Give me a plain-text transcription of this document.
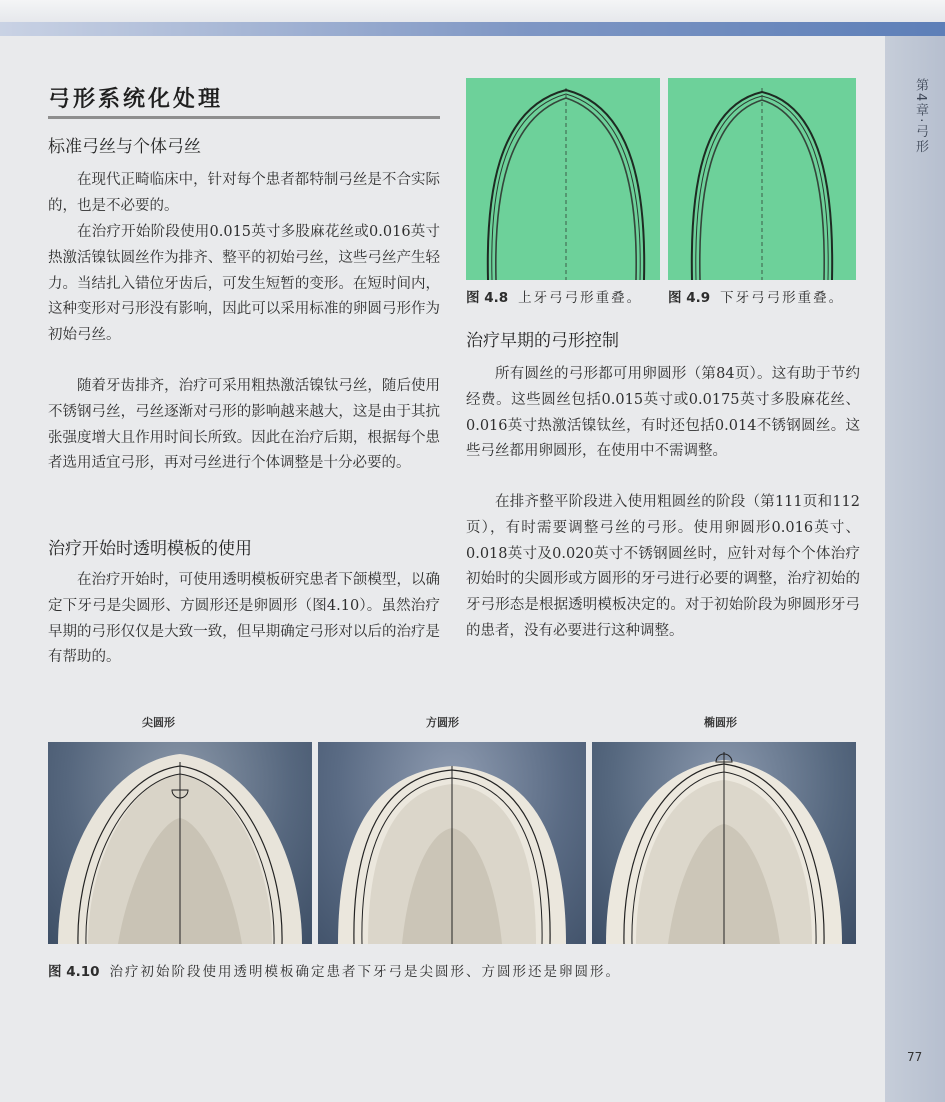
第4章·弓形
弓形系统化处理
标准弓丝与个体弓丝

在现代正畸临床中，针对每个患者都特制弓丝是不合实际的，也是不必要的。

在治疗开始阶段使用0.015英寸多股麻花丝或0.016英寸热激活镍钛圆丝作为排齐、整平的初始弓丝，这些弓丝产生轻力。当结扎入错位牙齿后，可发生短暂的变形。在短时间内，这种变形对弓形没有影响，因此可以采用标准的卵圆弓形作为初始弓丝。

随着牙齿排齐，治疗可采用粗热激活镍钛弓丝，随后使用不锈钢弓丝，弓丝逐渐对弓形的影响越来越大，这是由于其抗张强度增大且作用时间长所致。因此在治疗后期，根据每个患者选用适宜弓形，再对弓丝进行个体调整是十分必要的。

治疗开始时透明模板的使用

在治疗开始时，可使用透明模板研究患者下颌模型，以确定下牙弓是尖圆形、方圆形还是卵圆形（图4.10）。虽然治疗早期的弓形仅仅是大致一致，但早期确定弓形对以后的治疗是有帮助的。

图 4.8 上牙弓弓形重叠。 图 4.9 下牙弓弓形重叠。
治疗早期的弓形控制

所有圆丝的弓形都可用卵圆形（第84页）。这有助于节约经费。这些圆丝包括0.015英寸或0.0175英寸多股麻花丝、0.016英寸热激活镍钛丝，有时还包括0.014不锈钢圆丝。这些弓丝都用卵圆形，在使用中不需调整。

在排齐整平阶段进入使用粗圆丝的阶段（第111页和112页），有时需要调整弓丝的弓形。使用卵圆形0.016英寸、0.018英寸及0.020英寸不锈钢圆丝时，应针对每个个体治疗初始时的尖圆形或方圆形的牙弓进行必要的调整，治疗初始的牙弓形态是根据透明模板决定的。对于初始阶段为卵圆形牙弓的患者，没有必要进行这种调整。

尖圆形	方圆形	椭圆形
图 4.10 治疗初始阶段使用透明模板确定患者下牙弓是尖圆形、方圆形还是卵圆形。
77
